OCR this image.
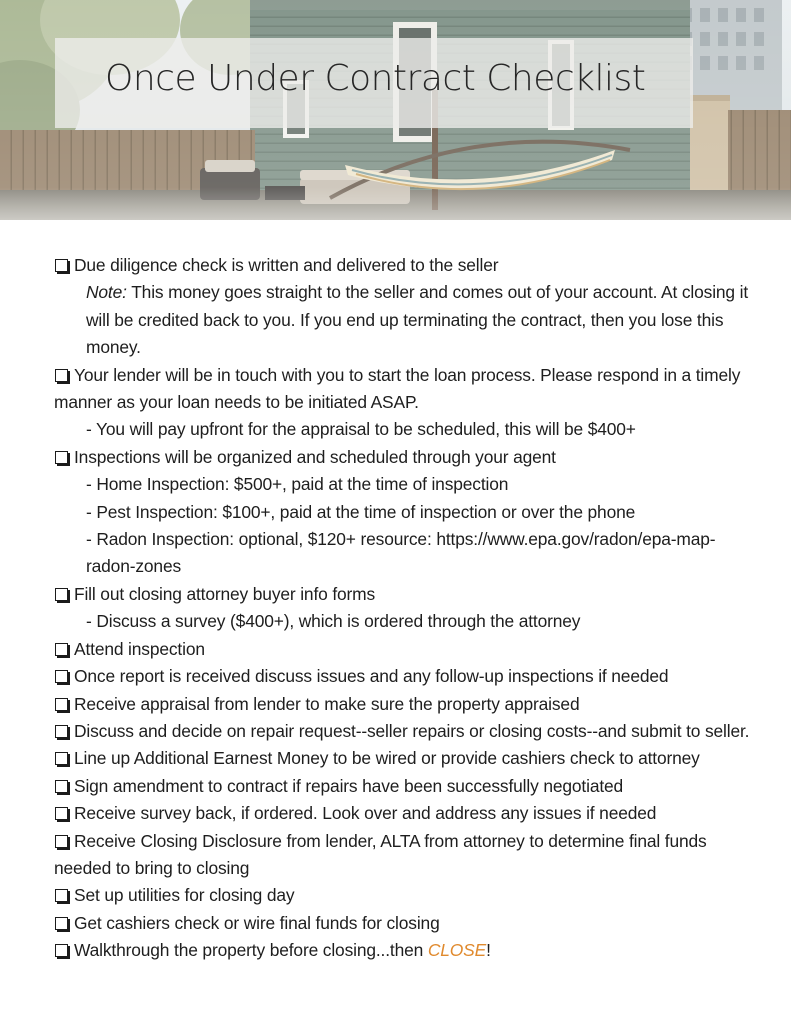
Once Under Contract Checklist
Due diligence check is written and delivered to the seller
Note: This money goes straight to the seller and comes out of your account. At closing it will be credited back to you. If you end up terminating the contract, then you lose this money.
Your lender will be in touch with you to start the loan process. Please respond in a timely manner as your loan needs to be initiated ASAP.
- You will pay upfront for the appraisal to be scheduled, this will be $400+
Inspections will be organized and scheduled through your agent
- Home Inspection: $500+, paid at the time of inspection
- Pest Inspection: $100+, paid at the time of inspection or over the phone
- Radon Inspection: optional, $120+ resource: https://www.epa.gov/radon/epa-map-radon-zones
Fill out closing attorney buyer info forms
- Discuss a survey ($400+), which is ordered through the attorney
Attend inspection
Once report is received discuss issues and any follow-up inspections if needed
Receive appraisal from lender to make sure the property appraised
Discuss and decide on repair request--seller repairs or closing costs--and submit to seller.
Line up Additional Earnest Money to be wired or provide cashiers check to attorney
Sign amendment to contract if repairs have been successfully negotiated
Receive survey back, if ordered. Look over and address any issues if needed
Receive Closing Disclosure from lender, ALTA from attorney to determine final funds needed to bring to closing
Set up utilities for closing day
Get cashiers check or wire final funds for closing
Walkthrough the property before closing...then CLOSE!
